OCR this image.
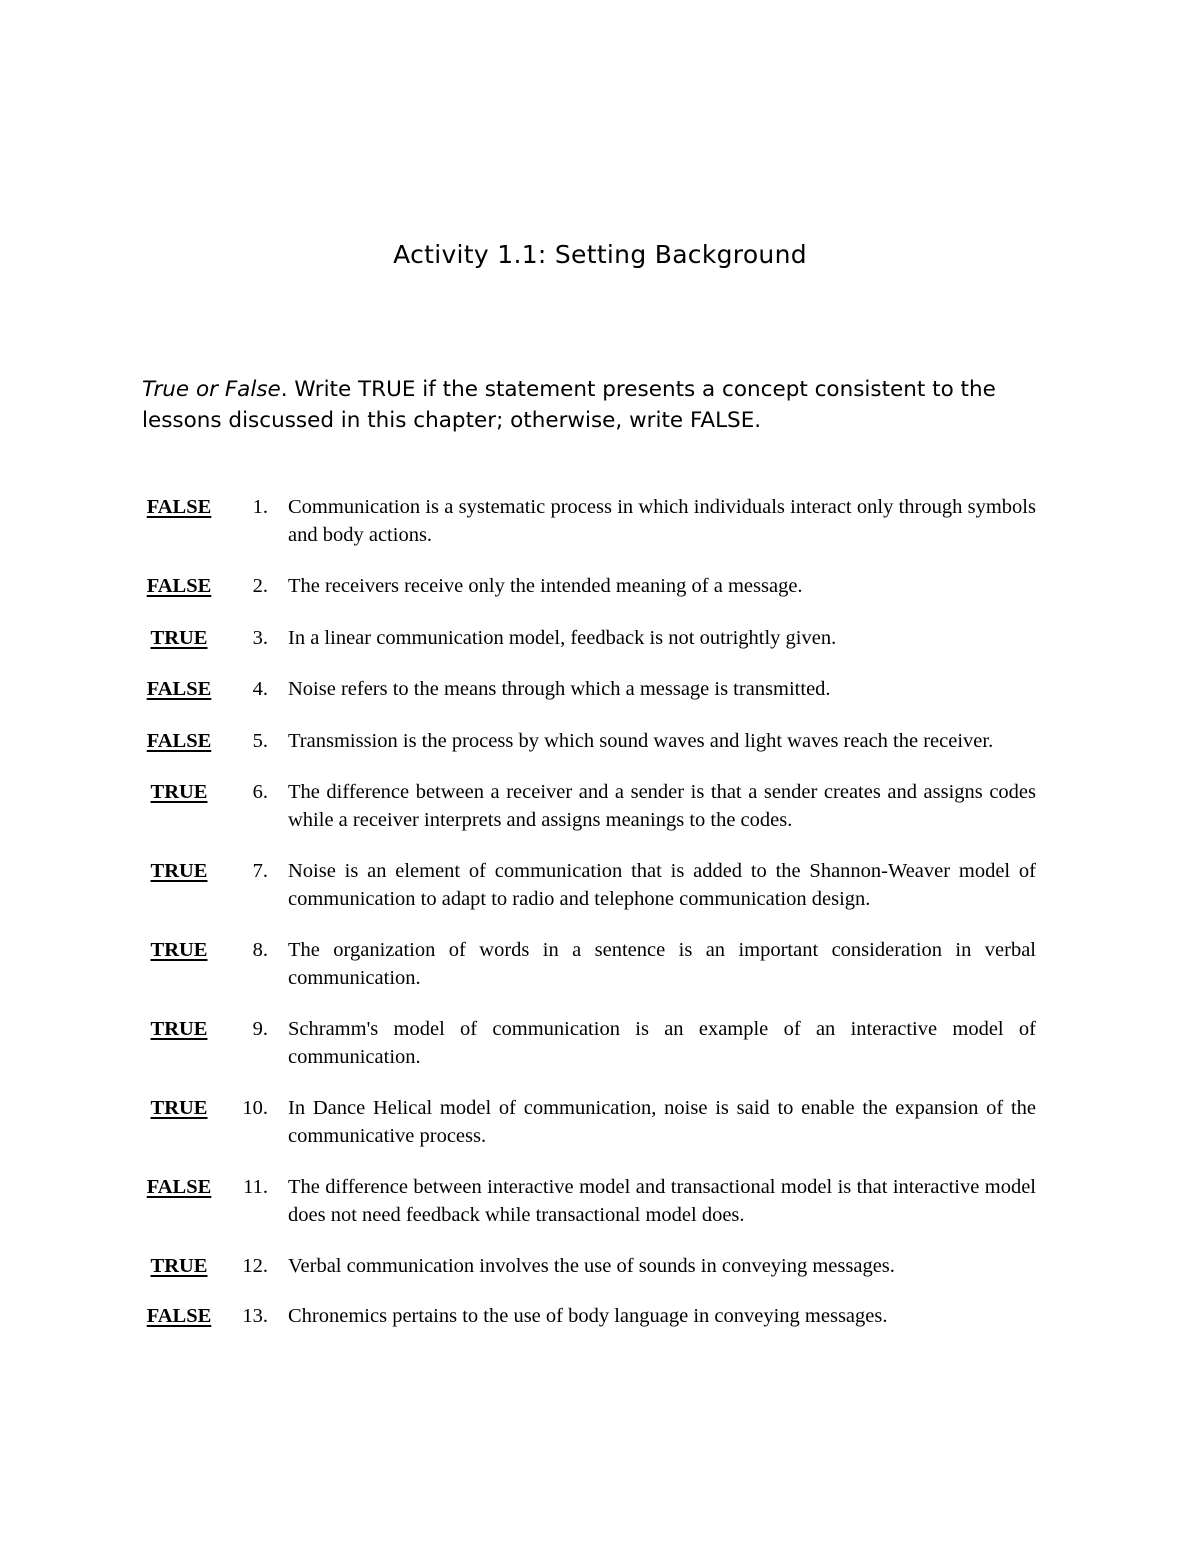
Activity 1.1: Setting Background
True or False. Write TRUE if the statement presents a concept consistent to the lessons discussed in this chapter; otherwise, write FALSE.
FALSE	1. Communication is a systematic process in which individuals interact only through symbols and body actions.
FALSE	2. The receivers receive only the intended meaning of a message.
TRUE	3. In a linear communication model, feedback is not outrightly given.
FALSE	4. Noise refers to the means through which a message is transmitted.
FALSE	5. Transmission is the process by which sound waves and light waves reach the receiver.
TRUE	6. The difference between a receiver and a sender is that a sender creates and assigns codes while a receiver interprets and assigns meanings to the codes.
TRUE	7. Noise is an element of communication that is added to the Shannon-Weaver model of communication to adapt to radio and telephone communication design.
TRUE	8. The organization of words in a sentence is an important consideration in verbal communication.
TRUE	9. Schramm's model of communication is an example of an interactive model of communication.
TRUE	10. In Dance Helical model of communication, noise is said to enable the expansion of the communicative process.
FALSE	11. The difference between interactive model and transactional model is that interactive model does not need feedback while transactional model does.
TRUE	12. Verbal communication involves the use of sounds in conveying messages.
FALSE	13. Chronemics pertains to the use of body language in conveying messages.
